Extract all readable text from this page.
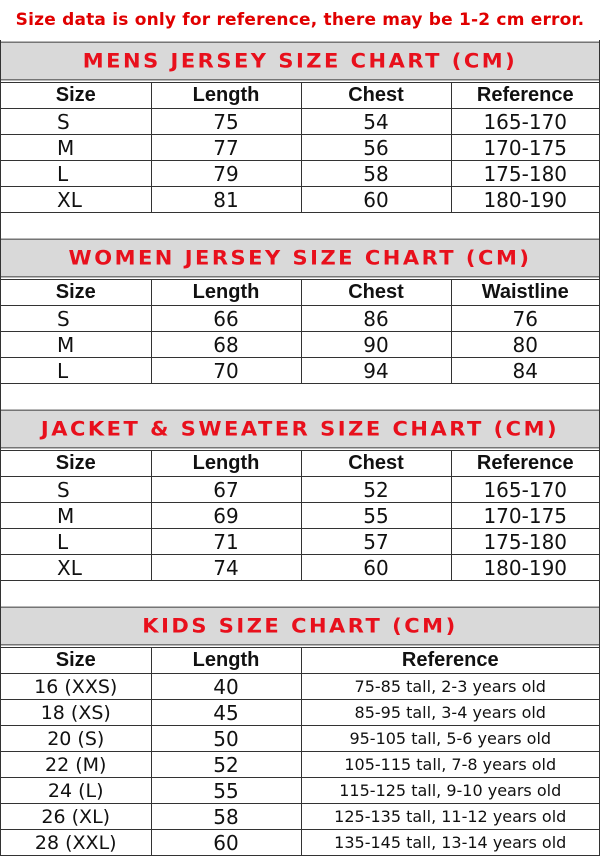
Size data is only for reference, there may be 1-2 cm error.
MENS JERSEY SIZE CHART (CM)
Size	Length	Chest	Reference
S	75	54	165-170
M	77	56	170-175
L	79	58	175-180
XL	81	60	180-190
WOMEN JERSEY SIZE CHART (CM)
Size	Length	Chest	Waistline
S	66	86	76
M	68	90	80
L	70	94	84
JACKET & SWEATER SIZE CHART (CM)
Size	Length	Chest	Reference
S	67	52	165-170
M	69	55	170-175
L	71	57	175-180
XL	74	60	180-190
KIDS SIZE CHART (CM)
Size	Length	Reference
16 (XXS)	40	75-85 tall, 2-3 years old
18 (XS)	45	85-95 tall, 3-4 years old
20 (S)	50	95-105 tall, 5-6 years old
22 (M)	52	105-115 tall, 7-8 years old
24 (L)	55	115-125 tall, 9-10 years old
26 (XL)	58	125-135 tall, 11-12 years old
28 (XXL)	60	135-145 tall, 13-14 years old
